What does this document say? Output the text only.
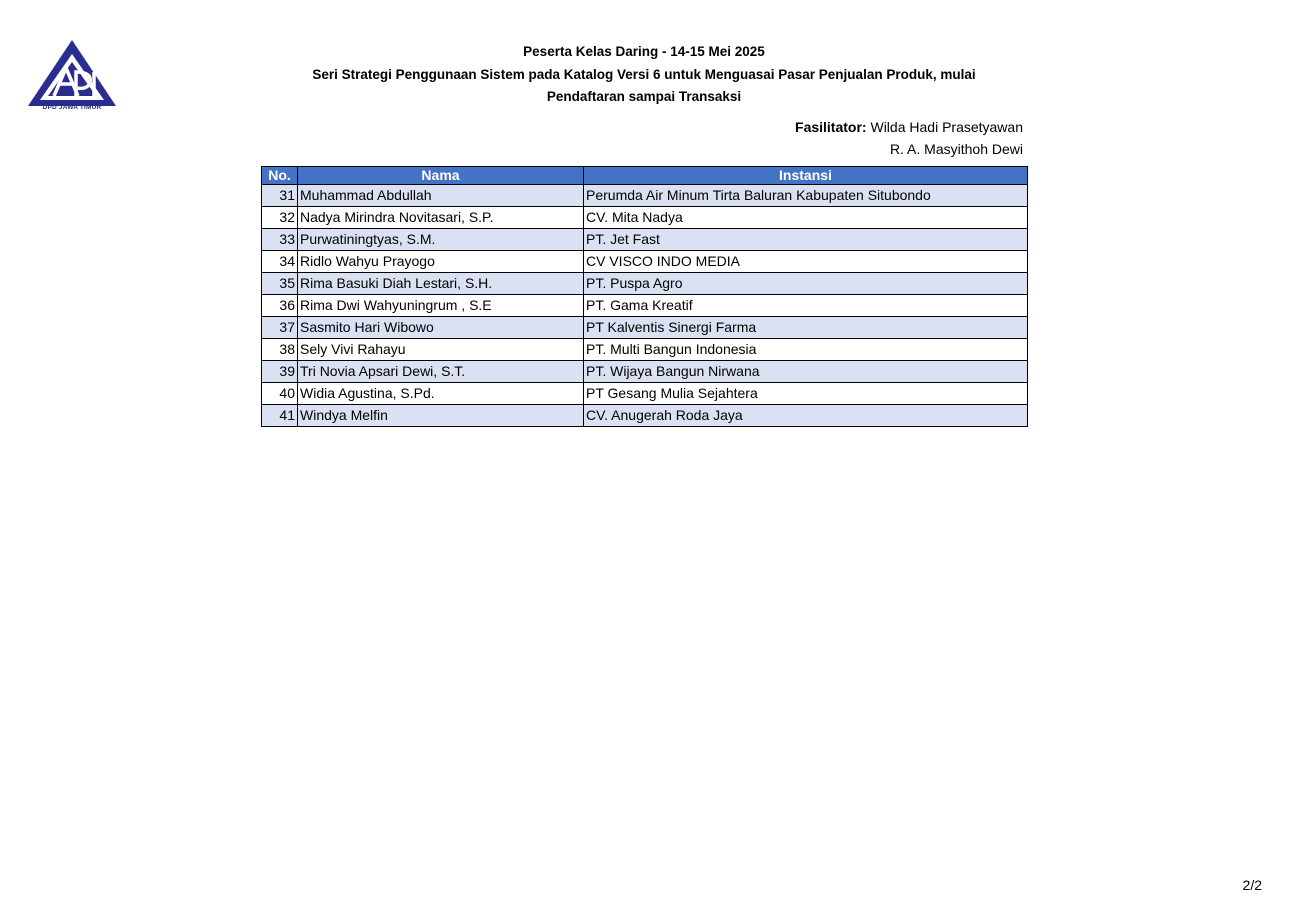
DPD JAWA TIMUR
Peserta Kelas Daring - 14-15 Mei 2025
Seri Strategi Penggunaan Sistem pada Katalog Versi 6 untuk Menguasai Pasar Penjualan Produk, mulai
Pendaftaran sampai Transaksi
Fasilitator: Wilda Hadi Prasetyawan
R. A. Masyithoh Dewi
No.	Nama	Instansi
31	Muhammad Abdullah	Perumda Air Minum Tirta Baluran Kabupaten Situbondo
32	Nadya Mirindra Novitasari, S.P.	CV. Mita Nadya
33	Purwatiningtyas, S.M.	PT. Jet Fast
34	Ridlo Wahyu Prayogo	CV VISCO INDO MEDIA
35	Rima Basuki Diah Lestari, S.H.	PT. Puspa Agro
36	Rima Dwi Wahyuningrum , S.E	PT. Gama Kreatif
37	Sasmito Hari Wibowo	PT Kalventis Sinergi Farma
38	Sely Vivi Rahayu	PT. Multi Bangun Indonesia
39	Tri Novia Apsari Dewi, S.T.	PT. Wijaya Bangun Nirwana
40	Widia Agustina, S.Pd.	PT Gesang Mulia Sejahtera
41	Windya Melfin	CV. Anugerah Roda Jaya
2/2
